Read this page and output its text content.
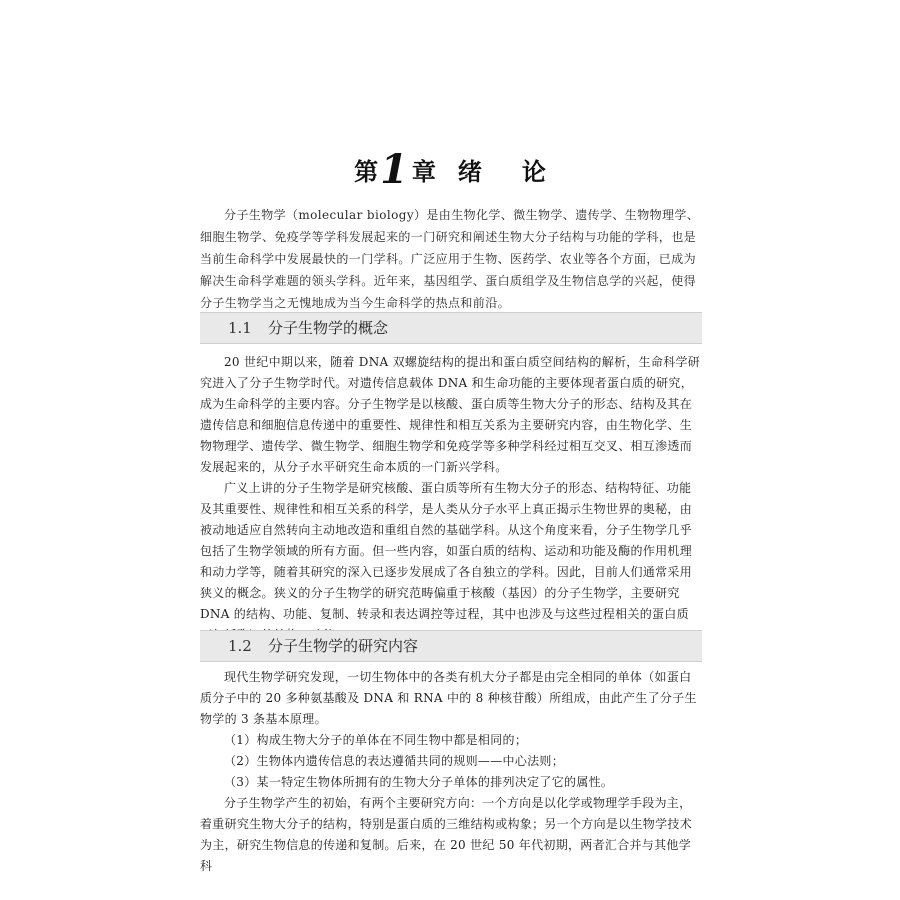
第1 章 绪 论

分子生物学（molecular biology）是由生物化学、微生物学、遗传学、生物物理学、细胞生物学、免疫学等学科发展起来的一门研究和阐述生物大分子结构与功能的学科，也是当前生命科学中发展最快的一门学科。广泛应用于生物、医药学、农业等各个方面，已成为解决生命科学难题的领头学科。近年来，基因组学、蛋白质组学及生物信息学的兴起，使得分子生物学当之无愧地成为当今生命科学的热点和前沿。

1.1 分子生物学的概念

20 世纪中期以来，随着 DNA 双螺旋结构的提出和蛋白质空间结构的解析，生命科学研究进入了分子生物学时代。对遗传信息载体 DNA 和生命功能的主要体现者蛋白质的研究，成为生命科学的主要内容。分子生物学是以核酸、蛋白质等生物大分子的形态、结构及其在遗传信息和细胞信息传递中的重要性、规律性和相互关系为主要研究内容，由生物化学、生物物理学、遗传学、微生物学、细胞生物学和免疫学等多种学科经过相互交叉、相互渗透而发展起来的，从分子水平研究生命本质的一门新兴学科。

广义上讲的分子生物学是研究核酸、蛋白质等所有生物大分子的形态、结构特征、功能及其重要性、规律性和相互关系的科学，是人类从分子水平上真正揭示生物世界的奥秘，由被动地适应自然转向主动地改造和重组自然的基础学科。从这个角度来看，分子生物学几乎包括了生物学领域的所有方面。但一些内容，如蛋白质的结构、运动和功能及酶的作用机理和动力学等，随着其研究的深入已逐步发展成了各自独立的学科。因此，目前人们通常采用狭义的概念。狭义的分子生物学的研究范畴偏重于核酸（基因）的分子生物学，主要研究 DNA 的结构、功能、复制、转录和表达调控等过程，其中也涉及与这些过程相关的蛋白质

1.2 分子生物学的研究内容

现代生物学研究发现，一切生物体中的各类有机大分子都是由完全相同的单体（如蛋白质分子中的 20 多种氨基酸及 DNA 和 RNA 中的 8 种核苷酸）所组成，由此产生了分子生物学的 3 条基本原理。

（1）构成生物大分子的单体在不同生物中都是相同的；

（2）生物体内遗传信息的表达遵循共同的规则——中心法则；

（3）某一特定生物体所拥有的生物大分子单体的排列决定了它的属性。

分子生物学产生的初始，有两个主要研究方向：一个方向是以化学或物理学手段为主，着重研究生物大分子的结构，特别是蛋白质的三维结构或构象；另一个方向是以生物学技术为主，研究生物信息的传递和复制。后来，在 20 世纪 50 年代初期，两者汇合并与其他学科
